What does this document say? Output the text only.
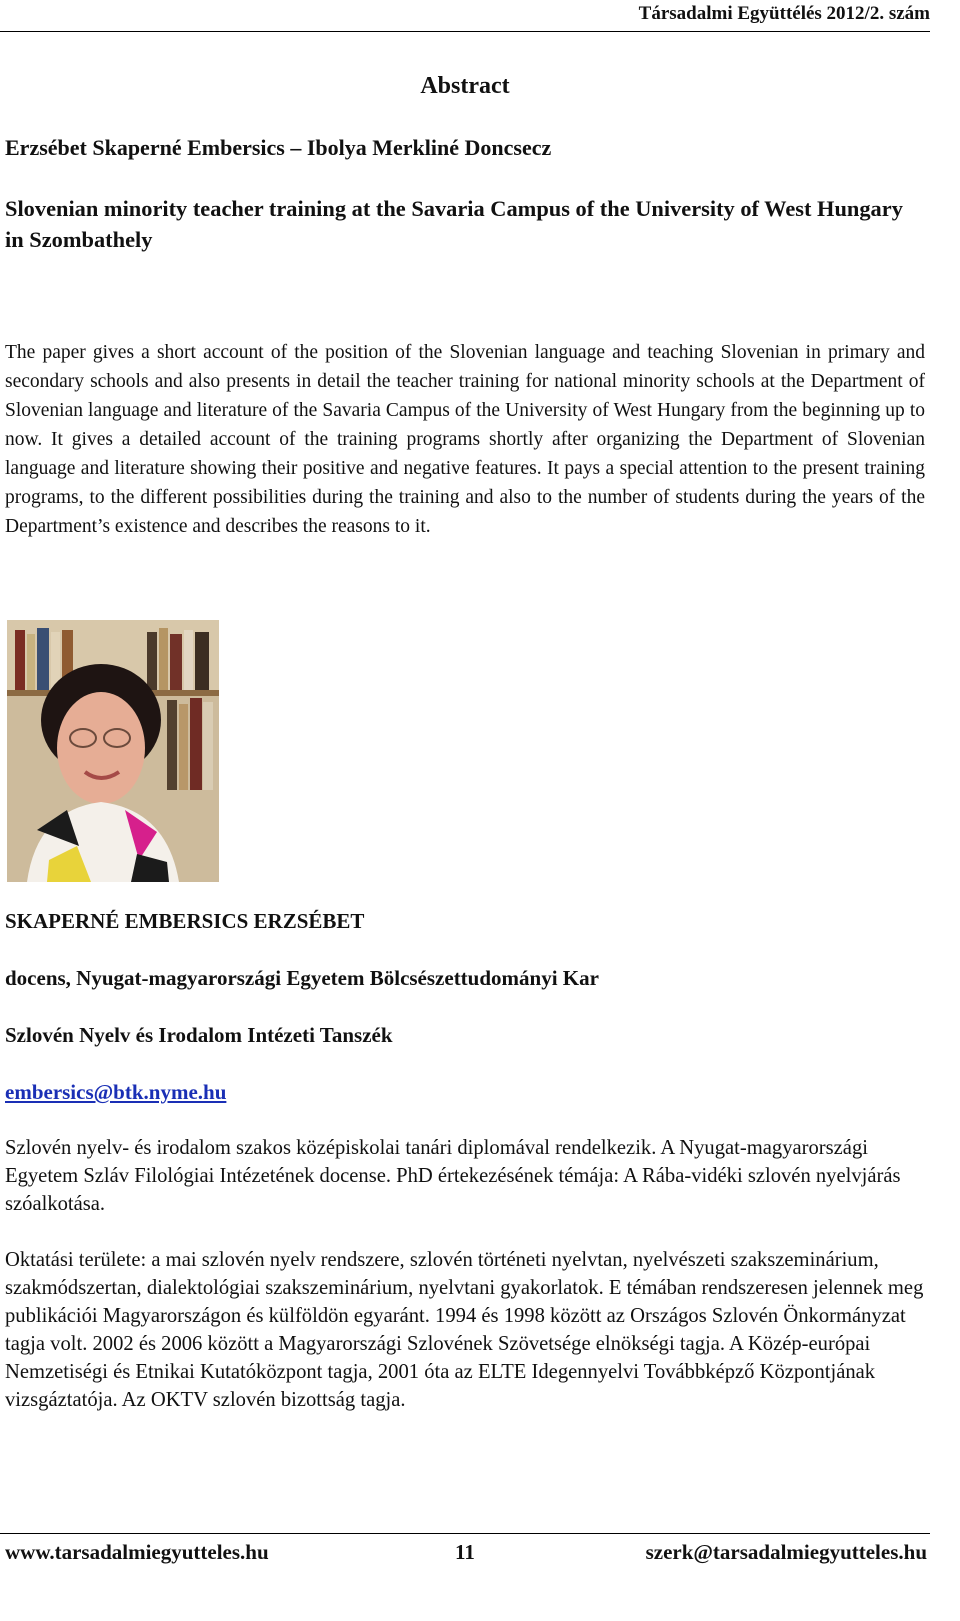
Társadalmi Együttélés 2012/2. szám
Abstract
Erzsébet Skaperné Embersics – Ibolya Merkliné Doncsecz
Slovenian minority teacher training at the Savaria Campus of the University of West Hungary in Szombathely

The paper gives a short account of the position of the Slovenian language and teaching Slovenian in primary and secondary schools and also presents in detail the teacher training for national minority schools at the Department of Slovenian language and literature of the Savaria Campus of the University of West Hungary from the beginning up to now. It gives a detailed account of the training programs shortly after organizing the Department of Slovenian language and literature showing their positive and negative features. It pays a special attention to the present training programs, to the different possibilities during the training and also to the number of students during the years of the Department’s existence and describes the reasons to it.

SKAPERNÉ EMBERSICS ERZSÉBET
docens, Nyugat-magyarországi Egyetem Bölcsészettudományi Kar
Szlovén Nyelv és Irodalom Intézeti Tanszék
embersics@btk.nyme.hu

Szlovén nyelv- és irodalom szakos középiskolai tanári diplomával rendelkezik. A Nyugat-magyarországi Egyetem Szláv Filológiai Intézetének docense. PhD értekezésének témája: A Rába-vidéki szlovén nyelvjárás szóalkotása.

Oktatási területe: a mai szlovén nyelv rendszere, szlovén történeti nyelvtan, nyelvészeti szakszeminárium, szakmódszertan, dialektológiai szakszeminárium, nyelvtani gyakorlatok. E témában rendszeresen jelennek meg publikációi Magyarországon és külföldön egyaránt. 1994 és 1998 között az Országos Szlovén Önkormányzat tagja volt. 2002 és 2006 között a Magyarországi Szlovének Szövetsége elnökségi tagja. A Közép-európai Nemzetiségi és Etnikai Kutatóközpont tagja, 2001 óta az ELTE Idegennyelvi Továbbképző Központjának vizsgáztatója. Az OKTV szlovén bizottság tagja.

www.tarsadalmiegyutteles.hu	11	szerk@tarsadalmiegyutteles.hu
